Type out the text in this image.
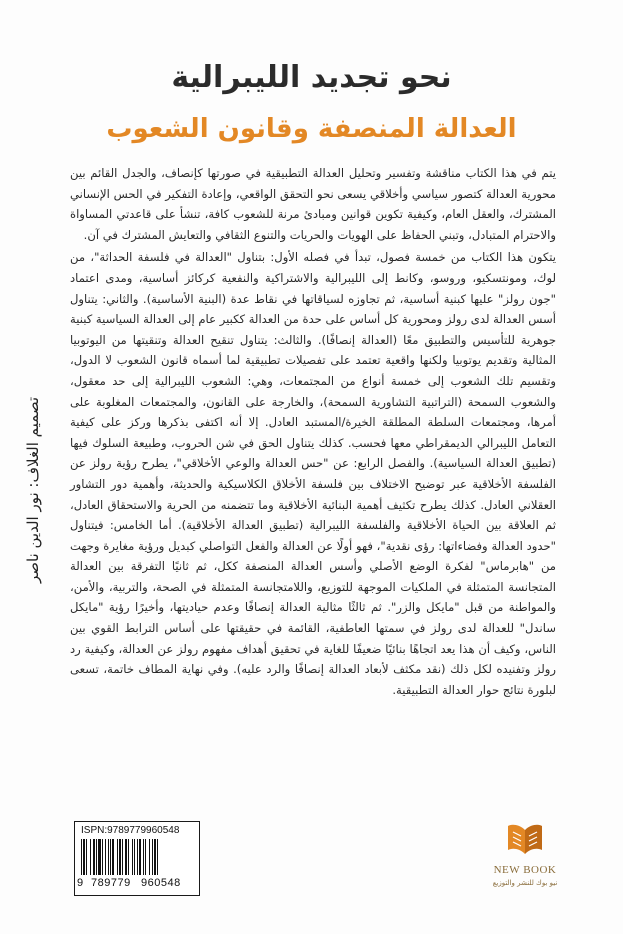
نحو تجديد الليبرالية
العدالة المنصفة وقانون الشعوب

يتم في هذا الكتاب مناقشة وتفسير وتحليل العدالة التطبيقية في صورتها كإنصاف، والجدل القائم بين محورية العدالة كتصور سياسي وأخلاقي يسعى نحو التحقق الواقعي، وإعادة التفكير في الحس الإنساني المشترك، والعقل العام، وكيفية تكوين قوانين ومبادئ مرنة للشعوب كافة، تنشأ على قاعدتي المساواة والاحترام المتبادل، وتبني الحفاظ على الهويات والحريات والتنوع الثقافي والتعايش المشترك في آن.

يتكون هذا الكتاب من خمسة فصول، تبدأ في فصله الأول: بتناول "العدالة في فلسفة الحداثة"، من لوك، ومونتسكيو، وروسو، وكانط إلى الليبرالية والاشتراكية والنفعية كركائز أساسية، ومدى اعتماد "جون رولز" عليها كبنية أساسية، ثم تجاوزه لسياقاتها في نقاط عدة (البنية الأساسية). والثاني: يتناول أسس العدالة لدى رولز ومحورية كل أساس على حدة من العدالة ككبير عام إلى العدالة السياسية كبنية جوهرية للتأسيس والتطبيق معًا (العدالة إنصافًا). والثالث: يتناول تنقيح العدالة وتنقيتها من اليوتوبيا المثالية وتقديم يوتوبيا ولكنها واقعية تعتمد على تفصيلات تطبيقية لما أسماه قانون الشعوب لا الدول، وتقسيم تلك الشعوب إلى خمسة أنواع من المجتمعات، وهي: الشعوب الليبرالية إلى حد معقول، والشعوب السمحة (التراتبية التشاورية السمحة)، والخارجة على القانون، والمجتمعات المغلوبة على أمرها، ومجتمعات السلطة المطلقة الخيرة/المستبد العادل. إلا أنه اكتفى بذكرها وركز على كيفية التعامل الليبرالي الديمقراطي معها فحسب. كذلك يتناول الحق في شن الحروب، وطبيعة السلوك فيها (تطبيق العدالة السياسية). والفصل الرابع: عن "حس العدالة والوعي الأخلاقي"، يطرح رؤية رولز عن الفلسفة الأخلاقية عبر توضيح الاختلاف بين فلسفة الأخلاق الكلاسيكية والحديثة، وأهمية دور التشاور العقلاني العادل. كذلك يطرح تكثيف أهمية البنائية الأخلاقية وما تتضمنه من الحرية والاستحقاق العادل، ثم العلاقة بين الحياة الأخلاقية والفلسفة الليبرالية (تطبيق العدالة الأخلاقية). أما الخامس: فيتناول "حدود العدالة وفضاءاتها: رؤى نقدية"، فهو أولًا عن العدالة والفعل التواصلي كبديل ورؤية مغايرة وجهت من "هابرماس" لفكرة الوضع الأصلي وأسس العدالة المنصفة ككل، ثم ثانيًا التفرقة بين العدالة المتجانسة المتمثلة في الملكيات الموجهة للتوزيع، واللامتجانسة المتمثلة في الصحة، والتربية، والأمن، والمواطنة من قبل "مايكل والزر". ثم ثالثًا مثالية العدالة إنصافًا وعدم حياديتها، وأخيرًا رؤية "مايكل ساندل" للعدالة لدى رولز في سمتها العاطفية، القائمة في حقيقتها على أساس الترابط القوي بين الناس، وكيف أن هذا يعد اتجاهًا بنائيًا ضعيفًا للغاية في تحقيق أهداف مفهوم رولز عن العدالة، وكيفية رد رولز وتفنيده لكل ذلك (نقد مكثف لأبعاد العدالة إنصافًا والرد عليه). وفي نهاية المطاف خاتمة، تسعى لبلورة نتائج حوار العدالة التطبيقية.

تصميم الغلاف: نور الدين ناصر
ISPN:9789779960548
9 789779 960548
NEW BOOK
نيو بوك للنشر والتوزيع
